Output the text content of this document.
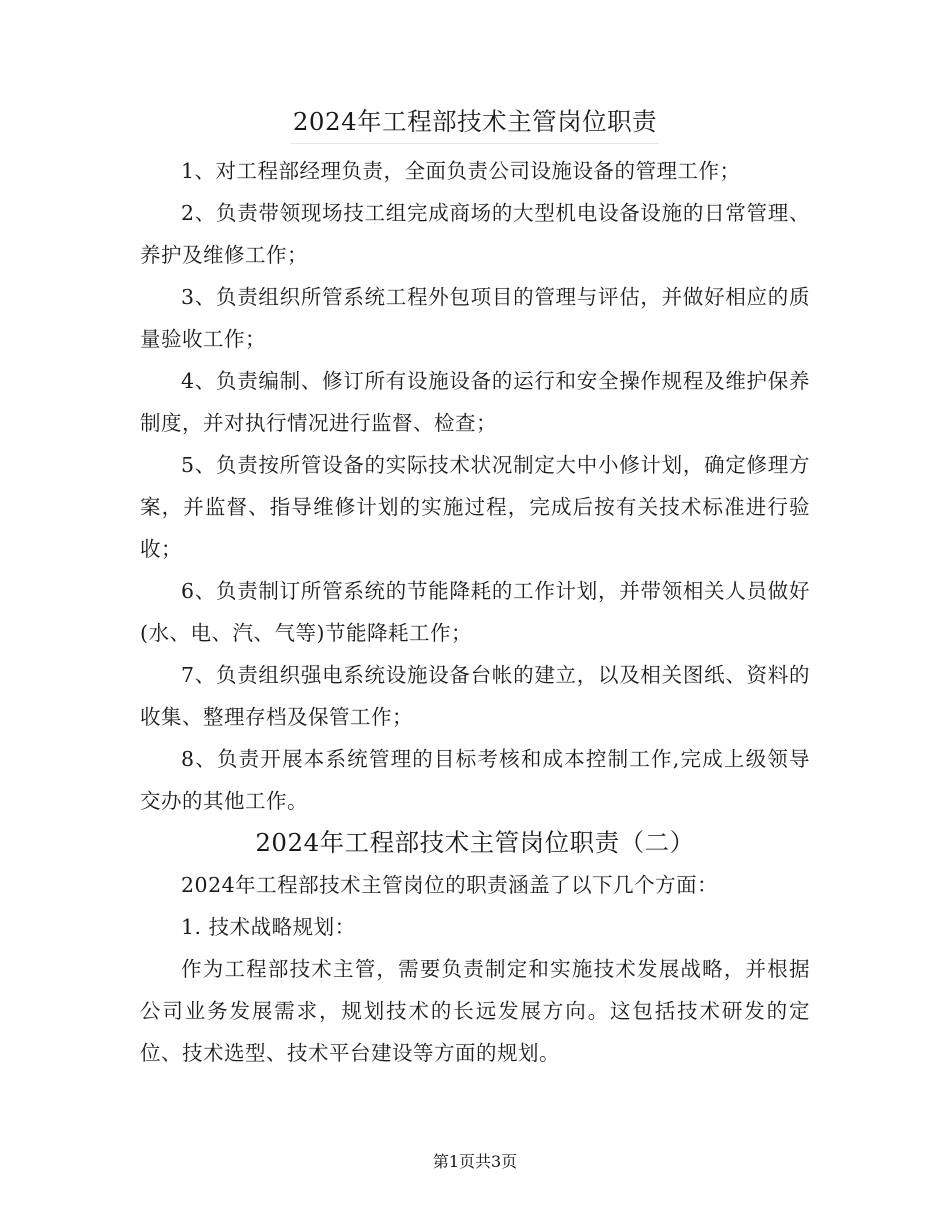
2024年工程部技术主管岗位职责

1、对工程部经理负责，全面负责公司设施设备的管理工作；

2、负责带领现场技工组完成商场的大型机电设备设施的日常管理、养护及维修工作；

3、负责组织所管系统工程外包项目的管理与评估，并做好相应的质量验收工作；

4、负责编制、修订所有设施设备的运行和安全操作规程及维护保养制度，并对执行情况进行监督、检查；

5、负责按所管设备的实际技术状况制定大中小修计划，确定修理方案，并监督、指导维修计划的实施过程，完成后按有关技术标准进行验收；

6、负责制订所管系统的节能降耗的工作计划，并带领相关人员做好(水、电、汽、气等)节能降耗工作；

7、负责组织强电系统设施设备台帐的建立，以及相关图纸、资料的收集、整理存档及保管工作；

8、负责开展本系统管理的目标考核和成本控制工作,完成上级领导交办的其他工作。

2024年工程部技术主管岗位职责（二）

2024年工程部技术主管岗位的职责涵盖了以下几个方面：

1. 技术战略规划：

作为工程部技术主管，需要负责制定和实施技术发展战略，并根据公司业务发展需求，规划技术的长远发展方向。这包括技术研发的定位、技术选型、技术平台建设等方面的规划。

第1页共3页
